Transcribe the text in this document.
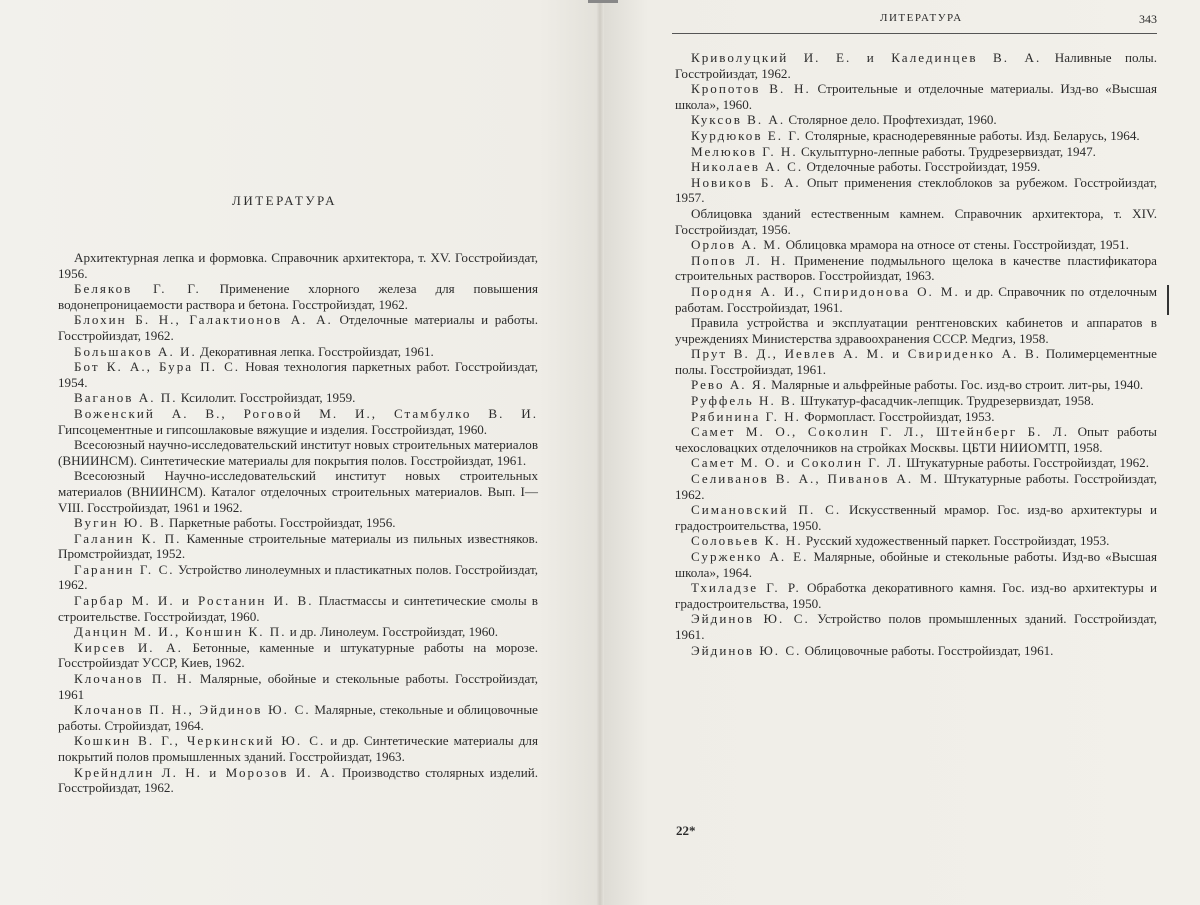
ЛИТЕРАТУРА

Архитектурная лепка и формовка. Справочник архитектора, т. XV. Госстройиздат, 1956.

Беляков Г. Г. Применение хлорного железа для повышения водонепроницаемости раствора и бетона. Госстройиздат, 1962.

Блохин Б. Н., Галактионов А. А. Отделочные материалы и работы. Госстройиздат, 1962.

Большаков А. И. Декоративная лепка. Госстройиздат, 1961.

Бот К. А., Бура П. С. Новая технология паркетных работ. Госстройиздат, 1954.

Ваганов А. П. Ксилолит. Госстройиздат, 1959.

Воженский А. В., Роговой М. И., Стамбулко В. И. Гипсоцементные и гипсошлаковые вяжущие и изделия. Госстройиздат, 1960.

Всесоюзный научно-исследовательский институт новых строительных материалов (ВНИИНСМ). Синтетические материалы для покрытия полов. Госстройиздат, 1961.

Всесоюзный Научно-исследовательский институт новых строительных материалов (ВНИИНСМ). Каталог отделочных строительных материалов. Вып. I—VIII. Госстройиздат, 1961 и 1962.

Вугин Ю. В. Паркетные работы. Госстройиздат, 1956.

Галанин К. П. Каменные строительные материалы из пильных известняков. Промстройиздат, 1952.

Гаранин Г. С. Устройство линолеумных и пластикатных полов. Госстройиздат, 1962.

Гарбар М. И. и Ростанин И. В. Пластмассы и синтетические смолы в строительстве. Госстройиздат, 1960.

Данцин М. И., Коншин К. П. и др. Линолеум. Госстройиздат, 1960.

Кирсев И. А. Бетонные, каменные и штукатурные работы на морозе. Госстройиздат УССР, Киев, 1962.

Клочанов П. Н. Малярные, обойные и стекольные работы. Госстройиздат, 1961

Клочанов П. Н., Эйдинов Ю. С. Малярные, стекольные и облицовочные работы. Стройиздат, 1964.

Кошкин В. Г., Черкинский Ю. С. и др. Синтетические материалы для покрытий полов промышленных зданий. Госстройиздат, 1963.

Крейндлин Л. Н. и Морозов И. А. Производство столярных изделий. Госстройиздат, 1962.

ЛИТЕРАТУРА	343

Криволуцкий И. Е. и Калединцев В. А. Наливные полы. Госстройиздат, 1962.

Кропотов В. Н. Строительные и отделочные материалы. Изд-во «Высшая школа», 1960.

Куксов В. А. Столярное дело. Профтехиздат, 1960.

Курдюков Е. Г. Столярные, краснодеревянные работы. Изд. Беларусь, 1964.

Мелюков Г. Н. Скульптурно-лепные работы. Трудрезервиздат, 1947.

Николаев А. С. Отделочные работы. Госстройиздат, 1959.

Новиков Б. А. Опыт применения стеклоблоков за рубежом. Госстройиздат, 1957.

Облицовка зданий естественным камнем. Справочник архитектора, т. XIV. Госстройиздат, 1956.

Орлов А. М. Облицовка мрамора на относе от стены. Госстройиздат, 1951.

Попов Л. Н. Применение подмыльного щелока в качестве пластификатора строительных растворов. Госстройиздат, 1963.

Породня А. И., Спиридонова О. М. и др. Справочник по отделочным работам. Госстройиздат, 1961.

Правила устройства и эксплуатации рентгеновских кабинетов и аппаратов в учреждениях Министерства здравоохранения СССР. Медгиз, 1958.

Прут В. Д., Иевлев А. М. и Свириденко А. В. Полимерцементные полы. Госстройиздат, 1961.

Рево А. Я. Малярные и альфрейные работы. Гос. изд-во строит. лит-ры, 1940.

Руффель Н. В. Штукатур-фасадчик-лепщик. Трудрезервиздат, 1958.

Рябинина Г. Н. Формопласт. Госстройиздат, 1953.

Самет М. О., Соколин Г. Л., Штейнберг Б. Л. Опыт работы чехословацких отделочников на стройках Москвы. ЦБТИ НИИОМТП, 1958.

Самет М. О. и Соколин Г. Л. Штукатурные работы. Госстройиздат, 1962.

Селиванов В. А., Пиванов А. М. Штукатурные работы. Госстройиздат, 1962.

Симановский П. С. Искусственный мрамор. Гос. изд-во архитектуры и градостроительства, 1950.

Соловьев К. Н. Русский художественный паркет. Госстройиздат, 1953.

Сурженко А. Е. Малярные, обойные и стекольные работы. Изд-во «Высшая школа», 1964.

Тхиладзе Г. Р. Обработка декоративного камня. Гос. изд-во архитектуры и градостроительства, 1950.

Эйдинов Ю. С. Устройство полов промышленных зданий. Госстройиздат, 1961.

Эйдинов Ю. С. Облицовочные работы. Госстройиздат, 1961.

22*
